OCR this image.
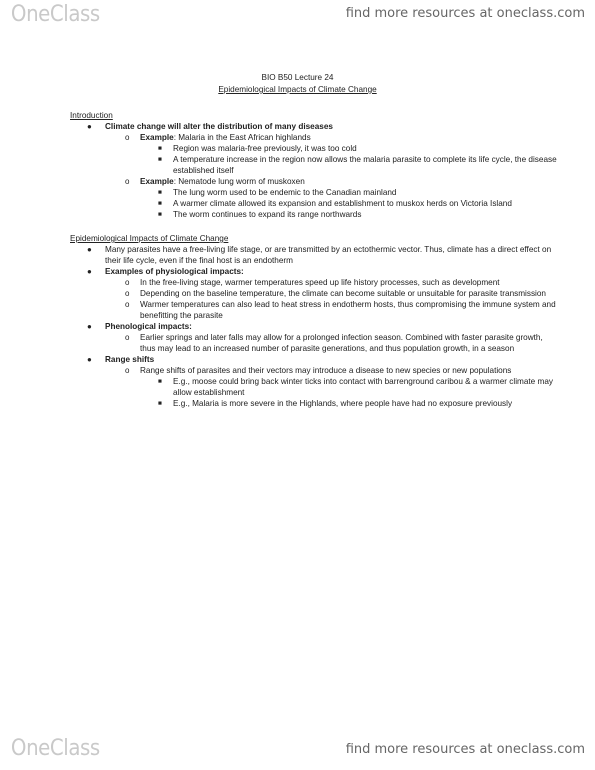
OneClass	find more resources at oneclass.com
BIO B50 Lecture 24
Epidemiological Impacts of Climate Change
Introduction
● Climate change will alter the distribution of many diseases
o Example: Malaria in the East African highlands
■ Region was malaria-free previously, it was too cold
■ A temperature increase in the region now allows the malaria parasite to complete its life cycle, the disease established itself
o Example: Nematode lung worm of muskoxen
■ The lung worm used to be endemic to the Canadian mainland
■ A warmer climate allowed its expansion and establishment to muskox herds on Victoria Island
■ The worm continues to expand its range northwards
Epidemiological Impacts of Climate Change
● Many parasites have a free-living life stage, or are transmitted by an ectothermic vector. Thus, climate has a direct effect on their life cycle, even if the final host is an endotherm
● Examples of physiological impacts:
o In the free-living stage, warmer temperatures speed up life history processes, such as development
o Depending on the baseline temperature, the climate can become suitable or unsuitable for parasite transmission
o Warmer temperatures can also lead to heat stress in endotherm hosts, thus compromising the immune system and benefitting the parasite
● Phenological impacts:
o Earlier springs and later falls may allow for a prolonged infection season. Combined with faster parasite growth, thus may lead to an increased number of parasite generations, and thus population growth, in a season
● Range shifts
o Range shifts of parasites and their vectors may introduce a disease to new species or new populations
■ E.g., moose could bring back winter ticks into contact with barrenground caribou & a warmer climate may allow establishment
■ E.g., Malaria is more severe in the Highlands, where people have had no exposure previously
OneClass	find more resources at oneclass.com
